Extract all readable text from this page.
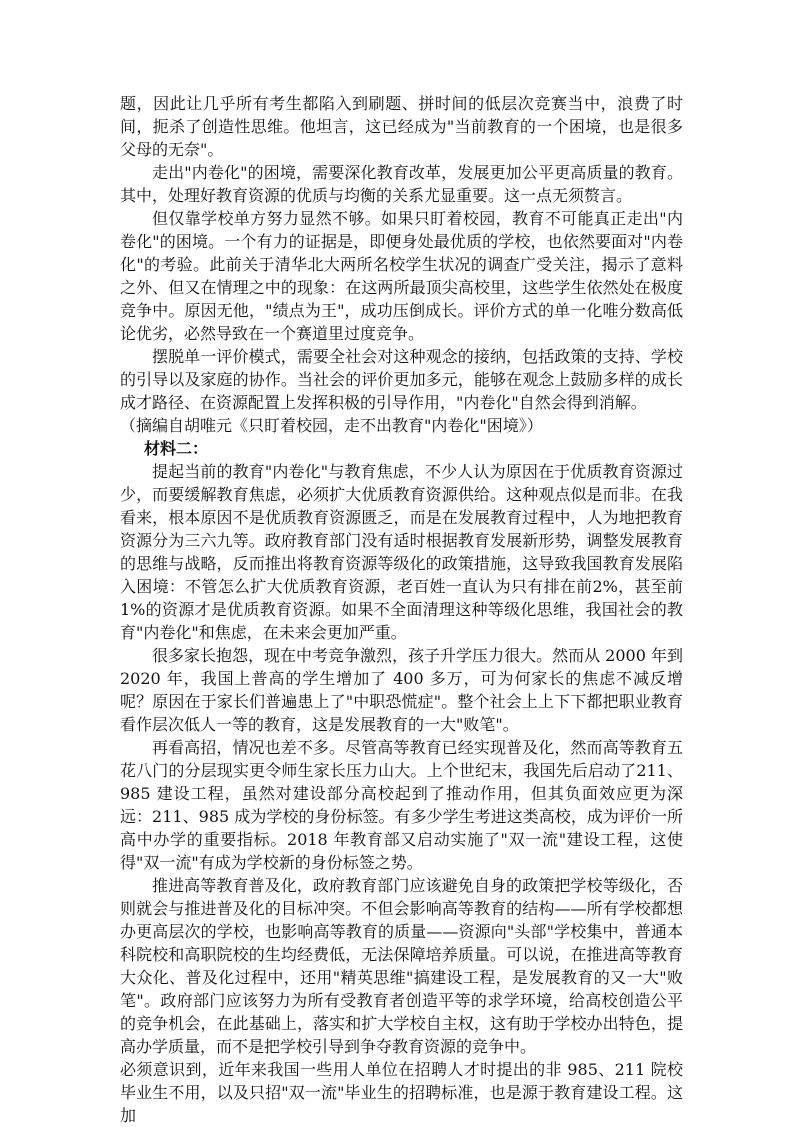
题，因此让几乎所有考生都陷入到刷题、拼时间的低层次竞赛当中，浪费了时间，扼杀了创造性思维。他坦言，这已经成为"当前教育的一个困境，也是很多父母的无奈"。

走出"内卷化"的困境，需要深化教育改革，发展更加公平更高质量的教育。其中，处理好教育资源的优质与均衡的关系尤显重要。这一点无须赘言。

但仅靠学校单方努力显然不够。如果只盯着校园，教育不可能真正走出"内卷化"的困境。一个有力的证据是，即便身处最优质的学校，也依然要面对"内卷化"的考验。此前关于清华北大两所名校学生状况的调查广受关注，揭示了意料之外、但又在情理之中的现象：在这两所最顶尖高校里，这些学生依然处在极度竞争中。原因无他，"绩点为王"，成功压倒成长。评价方式的单一化唯分数高低论优劣，必然导致在一个赛道里过度竞争。

摆脱单一评价模式，需要全社会对这种观念的接纳，包括政策的支持、学校的引导以及家庭的协作。当社会的评价更加多元，能够在观念上鼓励多样的成长成才路径、在资源配置上发挥积极的引导作用，"内卷化"自然会得到消解。

（摘编自胡唯元《只盯着校园，走不出教育"内卷化"困境》）

材料二：

提起当前的教育"内卷化"与教育焦虑，不少人认为原因在于优质教育资源过少，而要缓解教育焦虑，必须扩大优质教育资源供给。这种观点似是而非。在我看来，根本原因不是优质教育资源匮乏，而是在发展教育过程中，人为地把教育资源分为三六九等。政府教育部门没有适时根据教育发展新形势，调整发展教育的思维与战略，反而推出将教育资源等级化的政策措施，这导致我国教育发展陷入困境：不管怎么扩大优质教育资源，老百姓一直认为只有排在前2%，甚至前1%的资源才是优质教育资源。如果不全面清理这种等级化思维，我国社会的教育"内卷化"和焦虑，在未来会更加严重。

很多家长抱怨，现在中考竞争激烈，孩子升学压力很大。然而从 2000 年到2020 年，我国上普高的学生增加了 400 多万，可为何家长的焦虑不减反增呢？原因在于家长们普遍患上了"中职恐慌症"。整个社会上上下下都把职业教育看作层次低人一等的教育，这是发展教育的一大"败笔"。

再看高招，情况也差不多。尽管高等教育已经实现普及化，然而高等教育五花八门的分层现实更令师生家长压力山大。上个世纪末，我国先后启动了211、985 建设工程，虽然对建设部分高校起到了推动作用，但其负面效应更为深远：211、985 成为学校的身份标签。有多少学生考进这类高校，成为评价一所高中办学的重要指标。2018 年教育部又启动实施了"双一流"建设工程，这使得"双一流"有成为学校新的身份标签之势。

推进高等教育普及化，政府教育部门应该避免自身的政策把学校等级化，否则就会与推进普及化的目标冲突。不但会影响高等教育的结构——所有学校都想办更高层次的学校，也影响高等教育的质量——资源向"头部"学校集中，普通本科院校和高职院校的生均经费低，无法保障培养质量。可以说，在推进高等教育大众化、普及化过程中，还用"精英思维"搞建设工程，是发展教育的又一大"败笔"。政府部门应该努力为所有受教育者创造平等的求学环境，给高校创造公平的竞争机会，在此基础上，落实和扩大学校自主权，这有助于学校办出特色，提高办学质量，而不是把学校引导到争夺教育资源的竞争中。

必须意识到，近年来我国一些用人单位在招聘人才时提出的非 985、211 院校毕业生不用，以及只招"双一流"毕业生的招聘标准，也是源于教育建设工程。这加
